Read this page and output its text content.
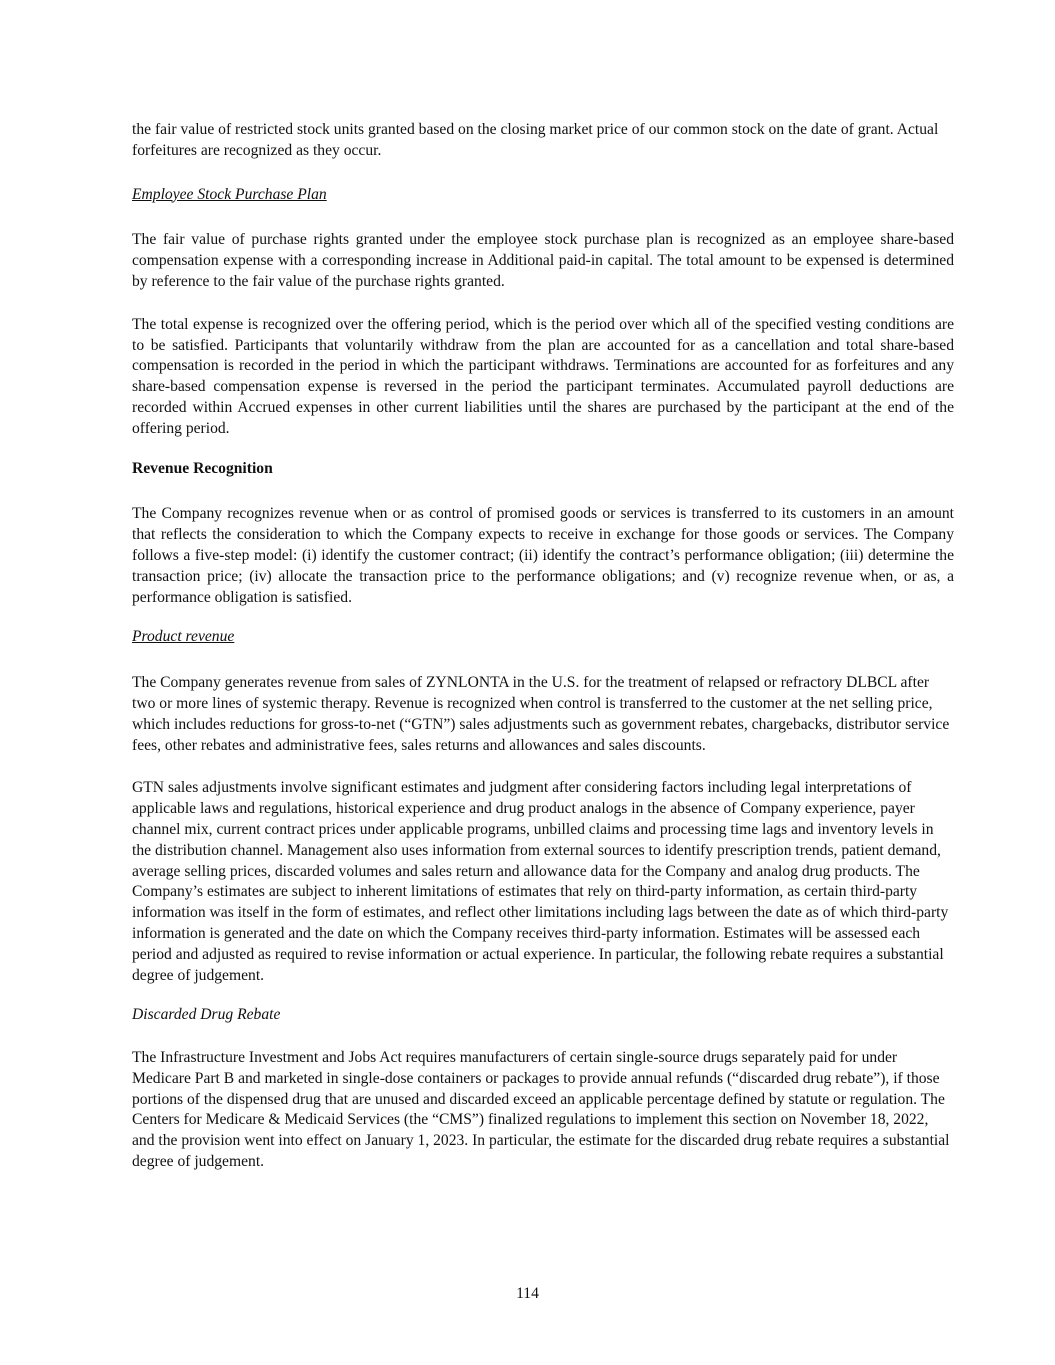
the fair value of restricted stock units granted based on the closing market price of our common stock on the date of grant. Actual forfeitures are recognized as they occur.

Employee Stock Purchase Plan

The fair value of purchase rights granted under the employee stock purchase plan is recognized as an employee share-based compensation expense with a corresponding increase in Additional paid-in capital. The total amount to be expensed is determined by reference to the fair value of the purchase rights granted.

The total expense is recognized over the offering period, which is the period over which all of the specified vesting conditions are to be satisfied. Participants that voluntarily withdraw from the plan are accounted for as a cancellation and total share-based compensation is recorded in the period in which the participant withdraws. Terminations are accounted for as forfeitures and any share-based compensation expense is reversed in the period the participant terminates. Accumulated payroll deductions are recorded within Accrued expenses in other current liabilities until the shares are purchased by the participant at the end of the offering period.

Revenue Recognition

The Company recognizes revenue when or as control of promised goods or services is transferred to its customers in an amount that reflects the consideration to which the Company expects to receive in exchange for those goods or services. The Company follows a five-step model: (i) identify the customer contract; (ii) identify the contract’s performance obligation; (iii) determine the transaction price; (iv) allocate the transaction price to the performance obligations; and (v) recognize revenue when, or as, a performance obligation is satisfied.

Product revenue

The Company generates revenue from sales of ZYNLONTA in the U.S. for the treatment of relapsed or refractory DLBCL after two or more lines of systemic therapy. Revenue is recognized when control is transferred to the customer at the net selling price, which includes reductions for gross-to-net (“GTN”) sales adjustments such as government rebates, chargebacks, distributor service fees, other rebates and administrative fees, sales returns and allowances and sales discounts.

GTN sales adjustments involve significant estimates and judgment after considering factors including legal interpretations of applicable laws and regulations, historical experience and drug product analogs in the absence of Company experience, payer channel mix, current contract prices under applicable programs, unbilled claims and processing time lags and inventory levels in the distribution channel. Management also uses information from external sources to identify prescription trends, patient demand, average selling prices, discarded volumes and sales return and allowance data for the Company and analog drug products. The Company’s estimates are subject to inherent limitations of estimates that rely on third-party information, as certain third-party information was itself in the form of estimates, and reflect other limitations including lags between the date as of which third-party information is generated and the date on which the Company receives third-party information. Estimates will be assessed each period and adjusted as required to revise information or actual experience. In particular, the following rebate requires a substantial degree of judgement.

Discarded Drug Rebate

The Infrastructure Investment and Jobs Act requires manufacturers of certain single-source drugs separately paid for under Medicare Part B and marketed in single-dose containers or packages to provide annual refunds (“discarded drug rebate”), if those portions of the dispensed drug that are unused and discarded exceed an applicable percentage defined by statute or regulation. The Centers for Medicare & Medicaid Services (the “CMS”) finalized regulations to implement this section on November 18, 2022, and the provision went into effect on January 1, 2023. In particular, the estimate for the discarded drug rebate requires a substantial degree of judgement.

114
